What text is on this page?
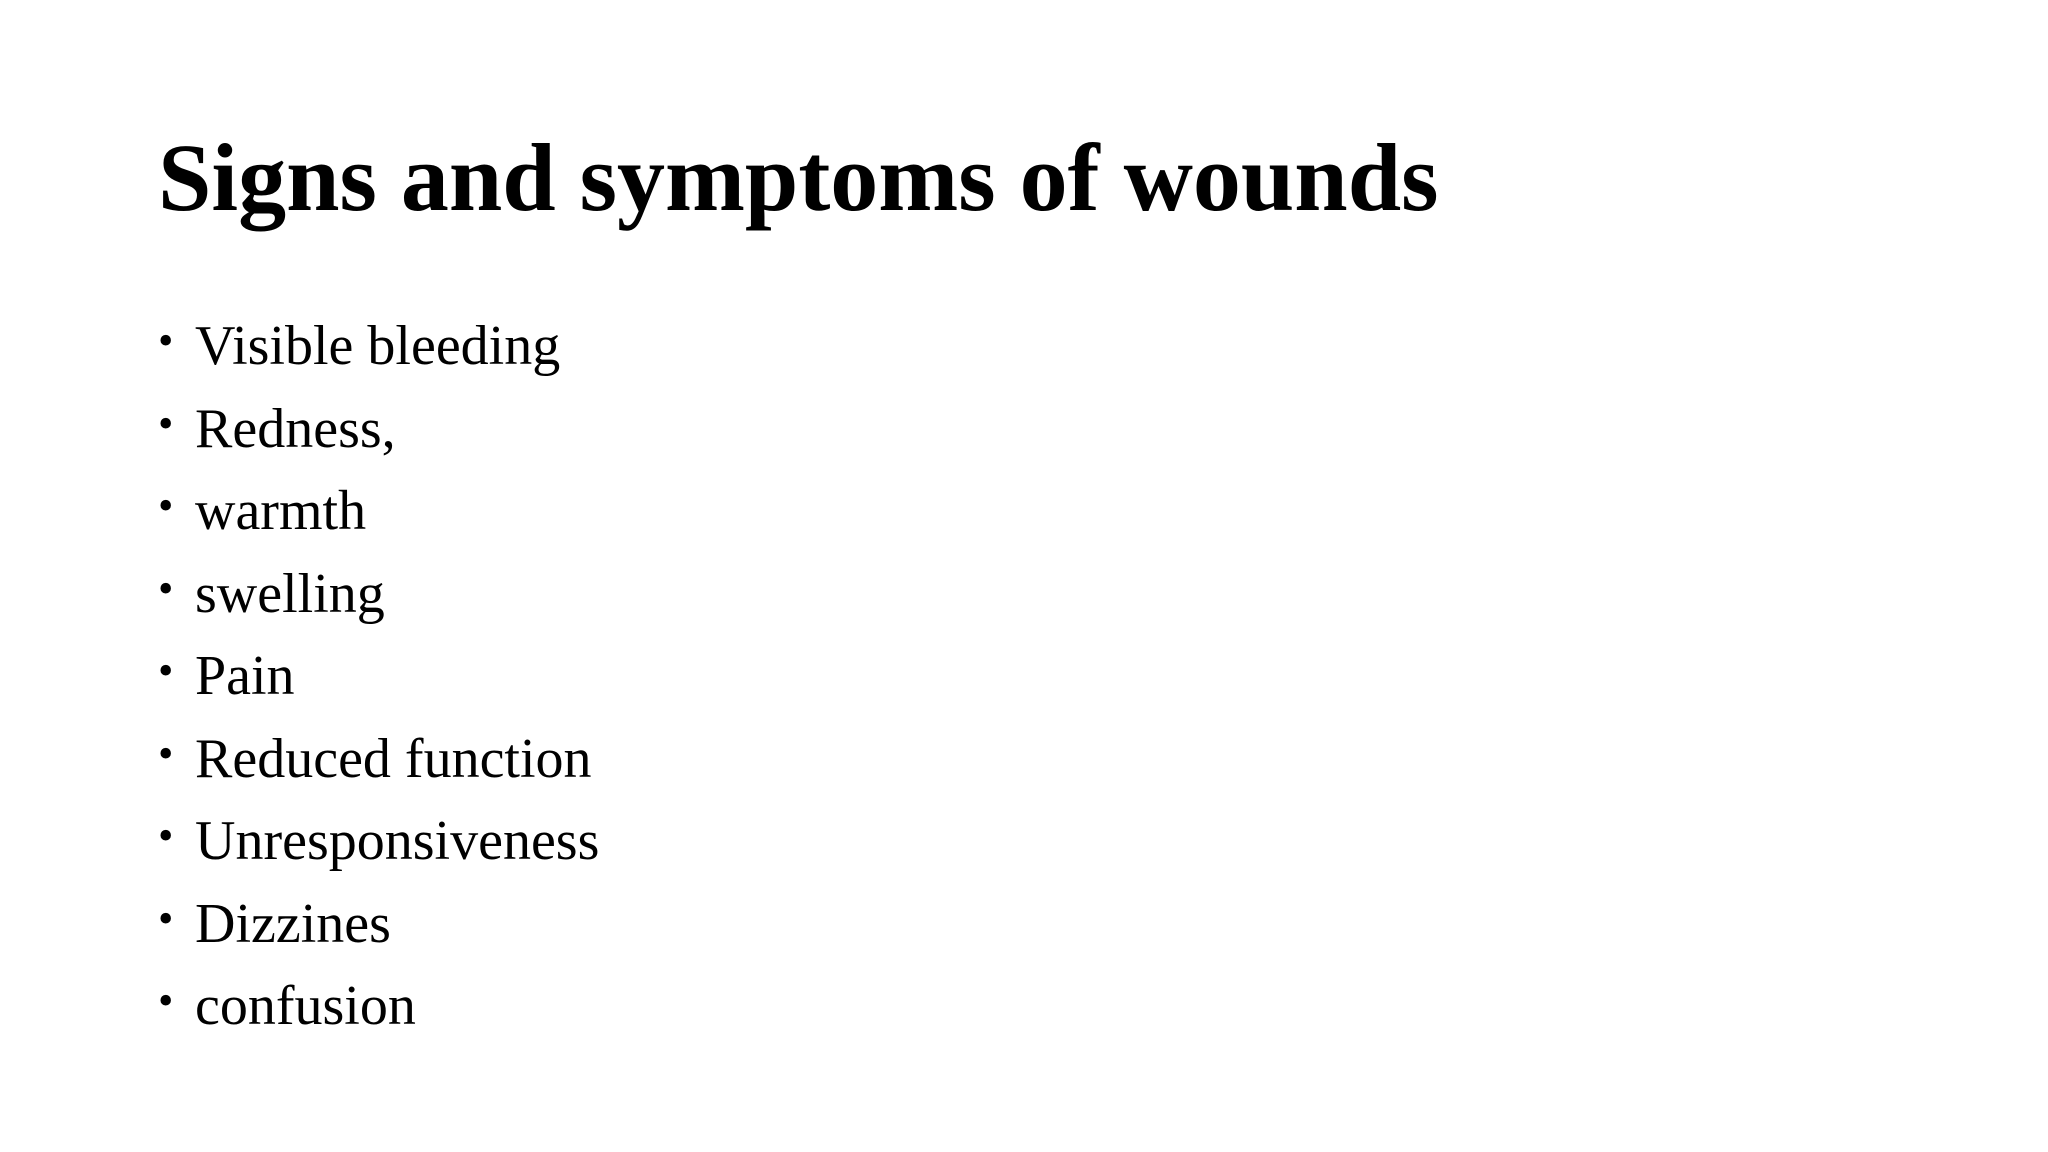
Signs and symptoms of wounds
• Visible bleeding
• Redness,
• warmth
• swelling
• Pain
• Reduced function
• Unresponsiveness
• Dizzines
• confusion
